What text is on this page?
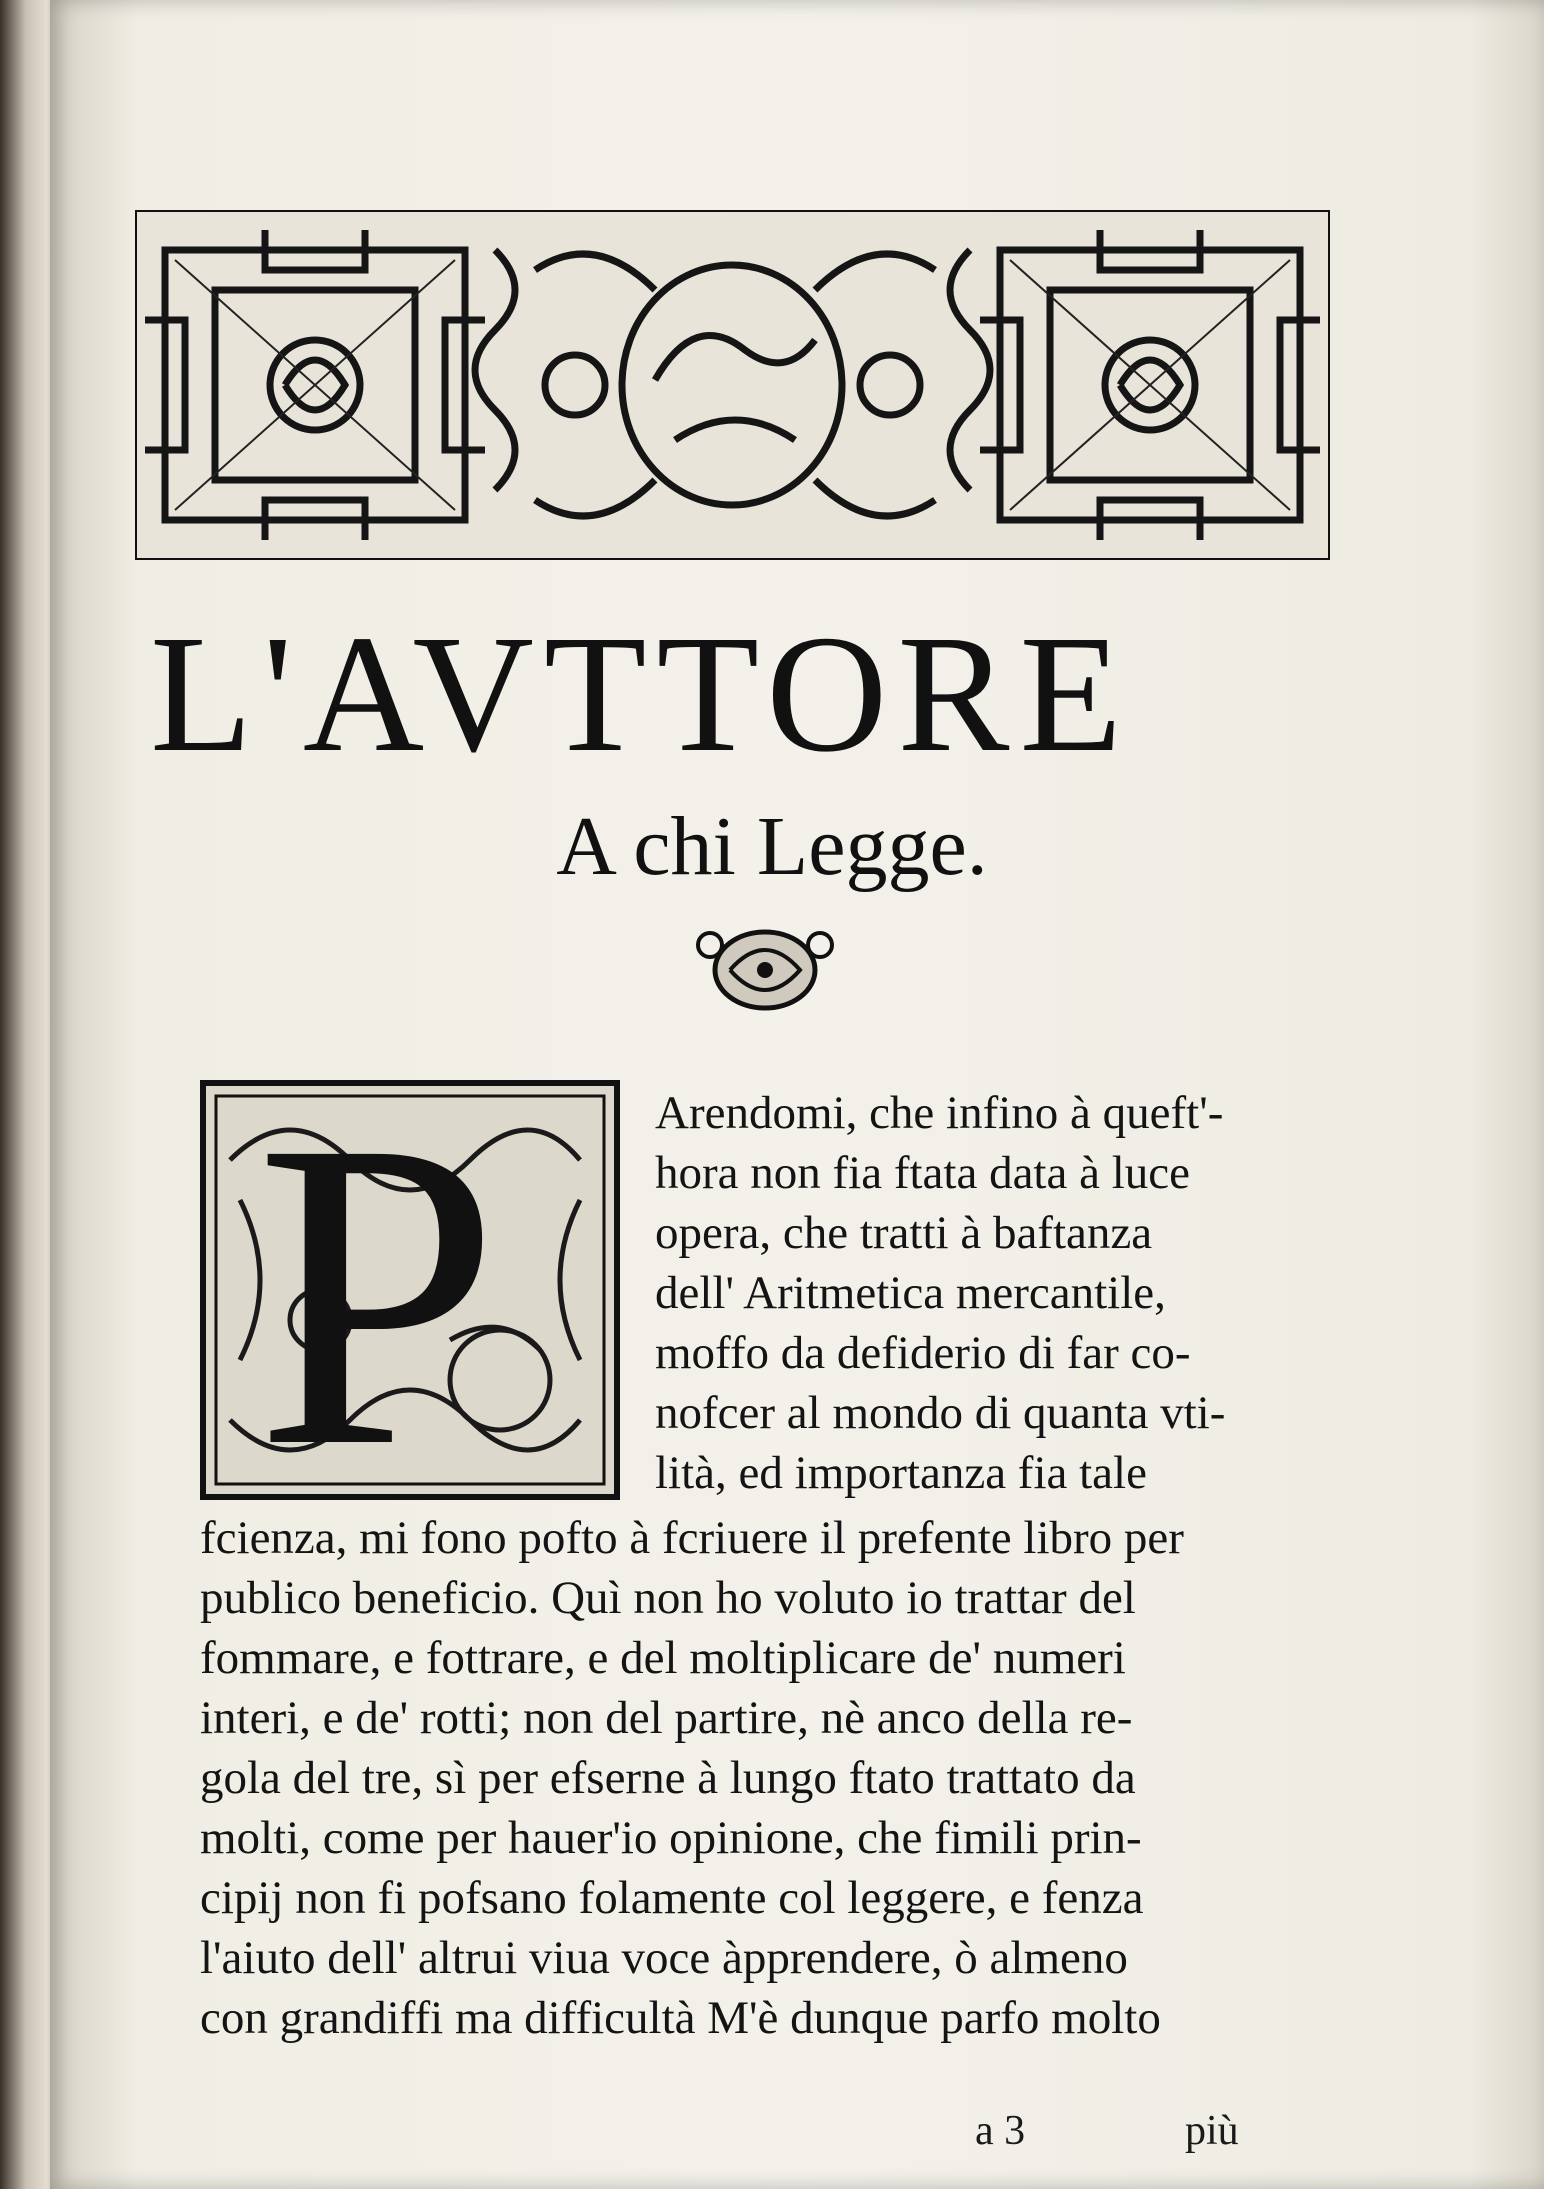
L'AVTTORE
A chi Legge.
P	Arendomi, che infino à queft'-
hora non fia ftata data à luce
opera, che tratti à baftanza
dell' Aritmetica mercantile,
moffo da defiderio di far co-
nofcer al mondo di quanta vti-
lità, ed importanza fia tale
fcienza, mi fono pofto à fcriuere il prefente libro per
publico beneficio. Quì non ho voluto io trattar del
fommare, e fottrare, e del moltiplicare de' numeri
interi, e de' rotti; non del partire, nè anco della re-
gola del tre, sì per efserne à lungo ftato trattato da
molti, come per hauer'io opinione, che fimili prin-
cipij non fi pofsano folamente col leggere, e fenza
l'aiuto dell' altrui viua voce àpprendere, ò almeno
con grandiffi ma difficultà M'è dunque parfo molto
a 3	più
